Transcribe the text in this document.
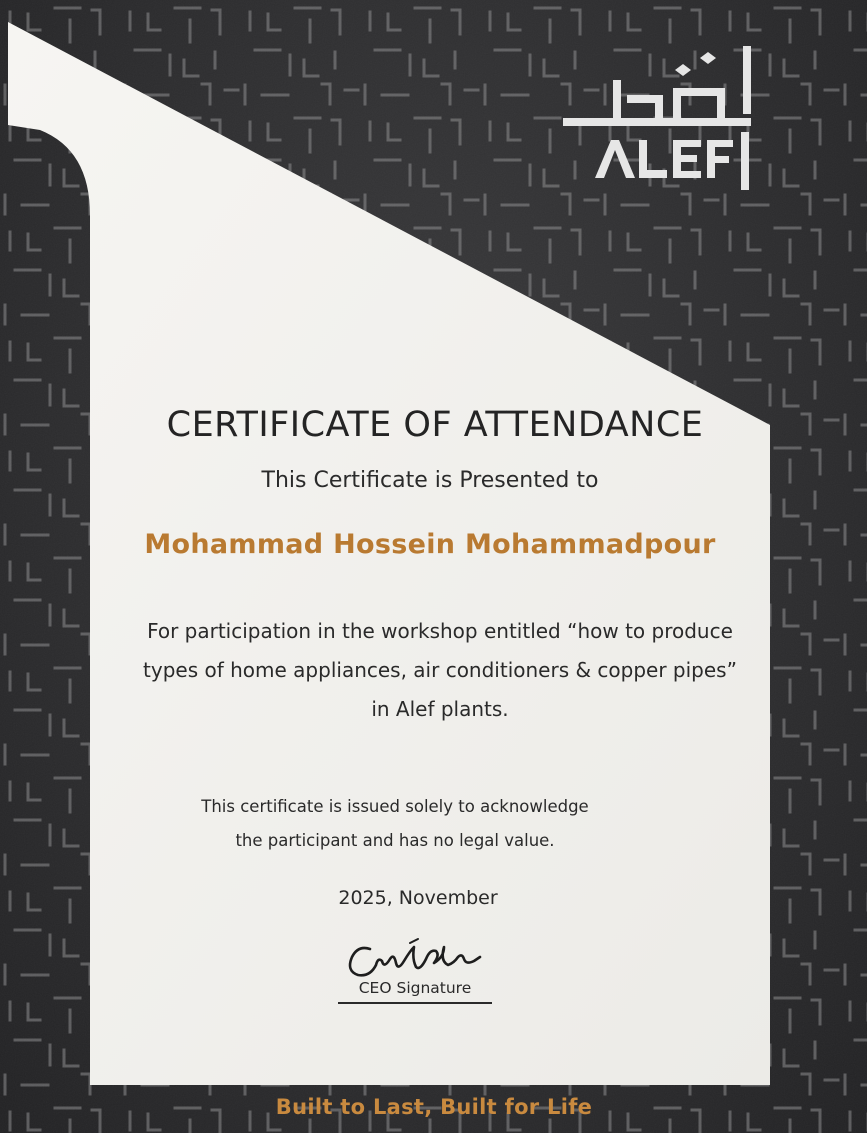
CERTIFICATE OF ATTENDANCE
This Certificate is Presented to
Mohammad Hossein Mohammadpour
For participation in the workshop entitled “how to produce
types of home appliances, air conditioners & copper pipes”
in Alef plants.
This certificate is issued solely to acknowledge
the participant and has no legal value.
2025, November
CEO Signature
Built to Last, Built for Life
